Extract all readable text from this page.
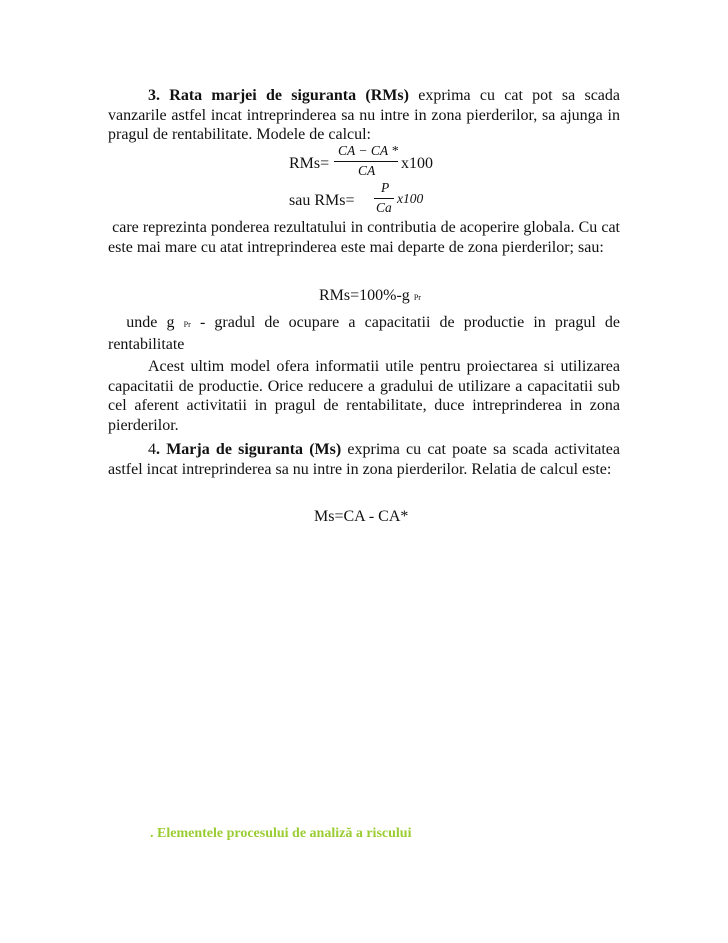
3. Rata marjei de siguranta (RMs) exprima cu cat pot sa scada vanzarile astfel incat intreprinderea sa nu intre in zona pierderilor, sa ajunga in pragul de rentabilitate. Modele de calcul:

RMs=
CA − CA *
CA x100
sau RMs=
P
Ca
x100

care reprezinta ponderea rezultatului in contributia de acoperire globala. Cu cat este mai mare cu atat intreprinderea este mai departe de zona pierderilor; sau:

RMs=100%-g Pr

unde g Pr - gradul de ocupare a capacitatii de productie in pragul de rentabilitate

Acest ultim model ofera informatii utile pentru proiectarea si utilizarea capacitatii de productie. Orice reducere a gradului de utilizare a capacitatii sub cel aferent activitatii in pragul de rentabilitate, duce intreprinderea in zona pierderilor.

4. Marja de siguranta (Ms) exprima cu cat poate sa scada activitatea astfel incat intreprinderea sa nu intre in zona pierderilor. Relatia de calcul este:

Ms=CA - CA*
. Elementele procesului de analiză a riscului
